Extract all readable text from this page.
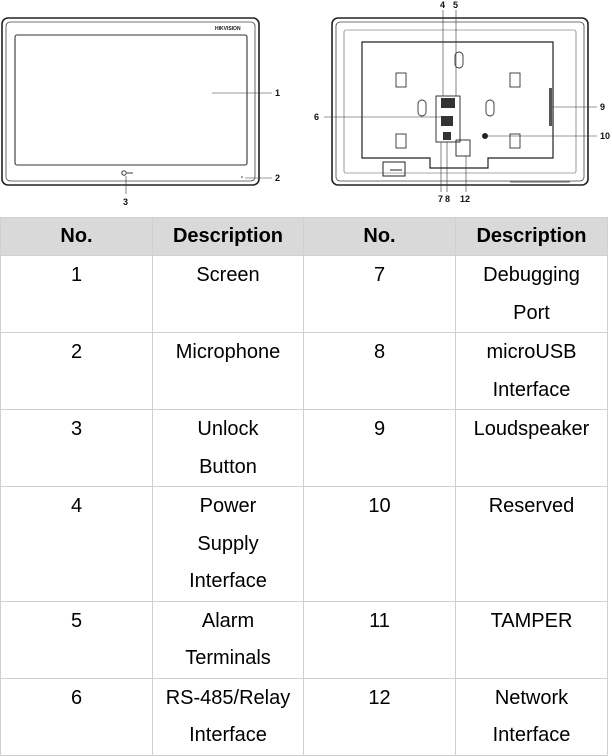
HIKVISION
1
2
3
4 5
6
7 8
9
10
12
No.	Description	No.	Description
1	Screen	7	Debugging Port
2	Microphone	8	microUSB Interface
3	Unlock Button	9	Loudspeaker
4	Power Supply Interface	10	Reserved
5	Alarm Terminals	11	TAMPER
6	RS-485/Relay Interface	12	Network Interface
